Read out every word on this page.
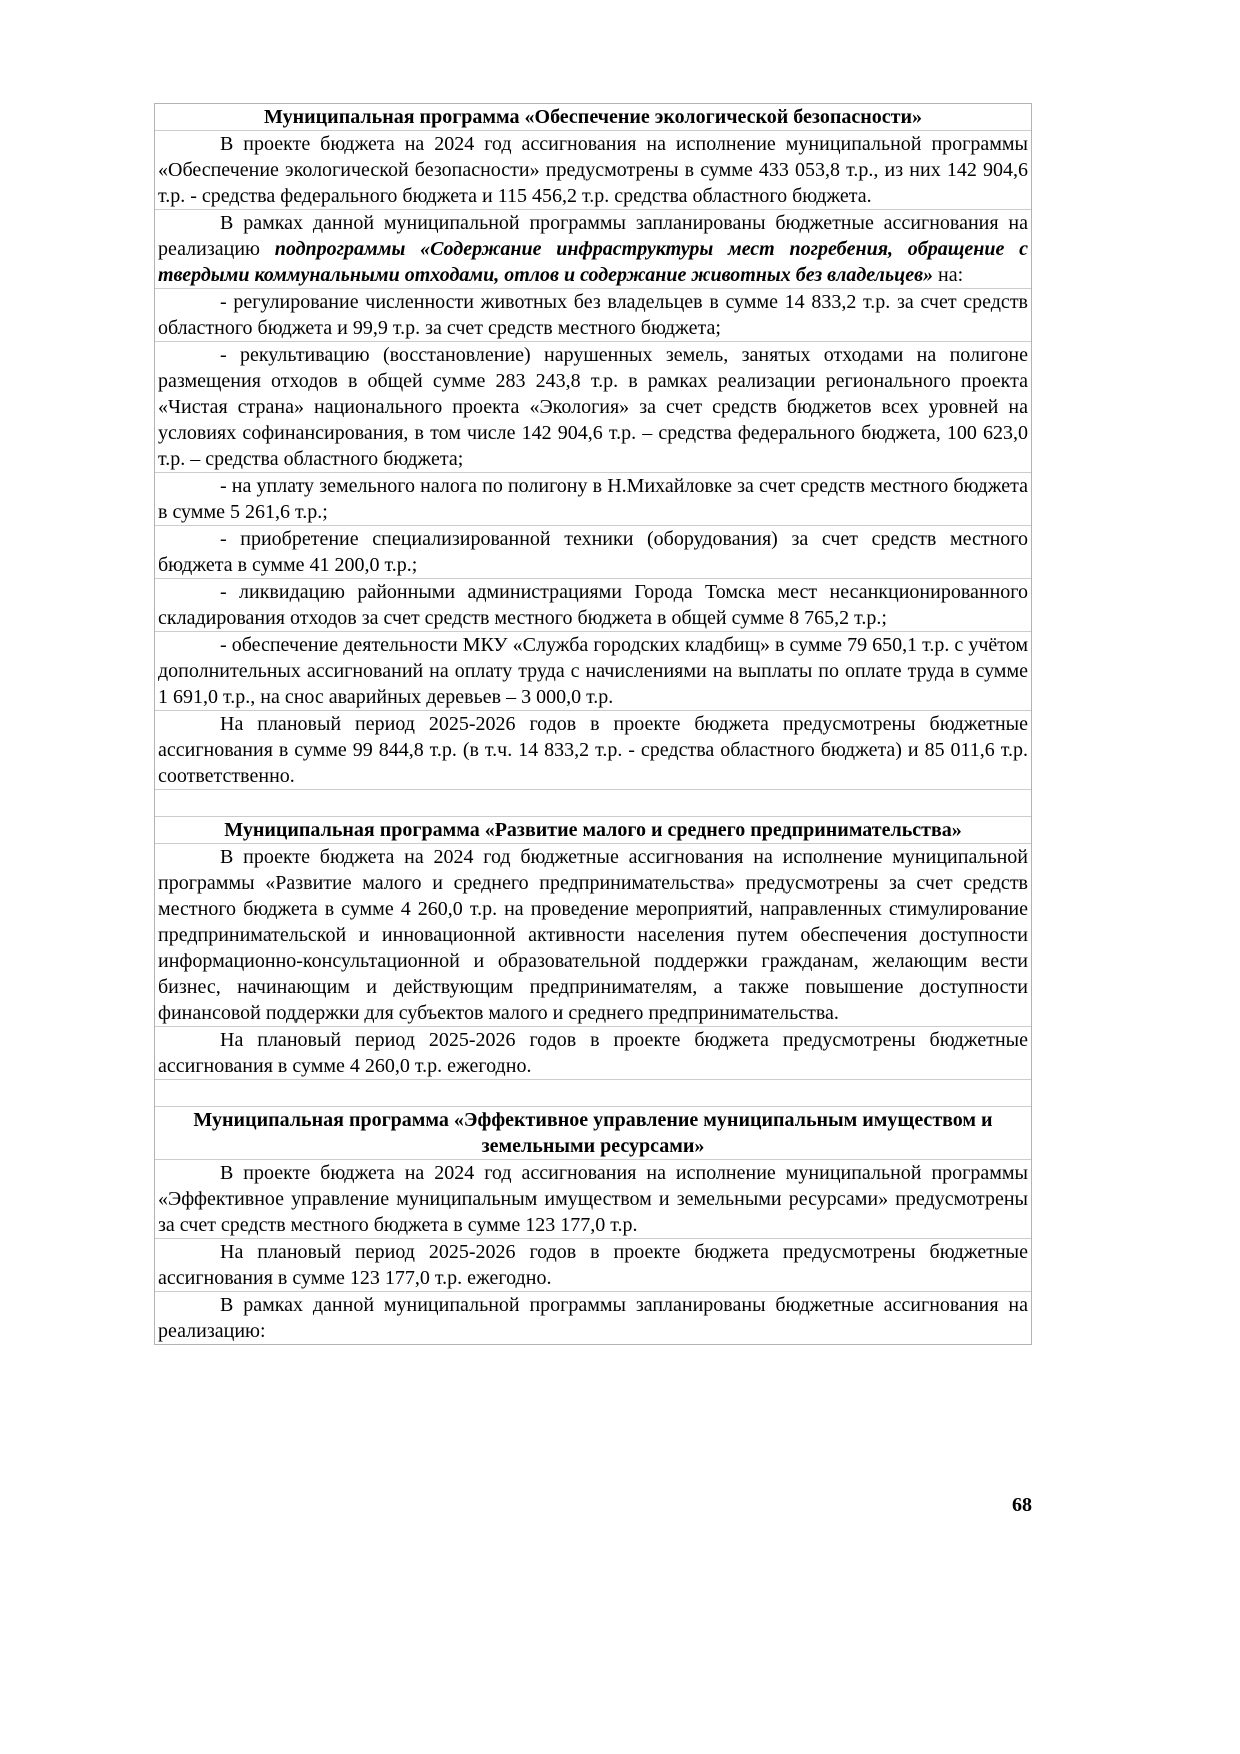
Муниципальная программа «Обеспечение экологической безопасности»
В проекте бюджета на 2024 год ассигнования на исполнение муниципальной программы «Обеспечение экологической безопасности» предусмотрены в сумме 433 053,8 т.р., из них 142 904,6 т.р. - средства федерального бюджета и 115 456,2 т.р. средства областного бюджета.
В рамках данной муниципальной программы запланированы бюджетные ассигнования на реализацию подпрограммы «Содержание инфраструктуры мест погребения, обращение с твердыми коммунальными отходами, отлов и содержание животных без владельцев» на:
- регулирование численности животных без владельцев в сумме 14 833,2 т.р. за счет средств областного бюджета и 99,9 т.р. за счет средств местного бюджета;
- рекультивацию (восстановление) нарушенных земель, занятых отходами на полигоне размещения отходов в общей сумме 283 243,8 т.р. в рамках реализации регионального проекта «Чистая страна» национального проекта «Экология» за счет средств бюджетов всех уровней на условиях софинансирования, в том числе 142 904,6 т.р. – средства федерального бюджета, 100 623,0 т.р. – средства областного бюджета;
- на уплату земельного налога по полигону в Н.Михайловке за счет средств местного бюджета в сумме 5 261,6 т.р.;
- приобретение специализированной техники (оборудования) за счет средств местного бюджета в сумме 41 200,0 т.р.;
- ликвидацию районными администрациями Города Томска мест несанкционированного складирования отходов за счет средств местного бюджета в общей сумме 8 765,2 т.р.;
- обеспечение деятельности МКУ «Служба городских кладбищ» в сумме 79 650,1 т.р. с учётом дополнительных ассигнований на оплату труда с начислениями на выплаты по оплате труда в сумме 1 691,0 т.р., на снос аварийных деревьев – 3 000,0 т.р.
На плановый период 2025-2026 годов в проекте бюджета предусмотрены бюджетные ассигнования в сумме 99 844,8 т.р. (в т.ч. 14 833,2 т.р. - средства областного бюджета) и 85 011,6 т.р. соответственно.
Муниципальная программа «Развитие малого и среднего предпринимательства»
В проекте бюджета на 2024 год бюджетные ассигнования на исполнение муниципальной программы «Развитие малого и среднего предпринимательства» предусмотрены за счет средств местного бюджета в сумме 4 260,0 т.р. на проведение мероприятий, направленных стимулирование предпринимательской и инновационной активности населения путем обеспечения доступности информационно-консультационной и образовательной поддержки гражданам, желающим вести бизнес, начинающим и действующим предпринимателям, а также повышение доступности финансовой поддержки для субъектов малого и среднего предпринимательства.
На плановый период 2025-2026 годов в проекте бюджета предусмотрены бюджетные ассигнования в сумме 4 260,0 т.р. ежегодно.
Муниципальная программа «Эффективное управление муниципальным имуществом и земельными ресурсами»
В проекте бюджета на 2024 год ассигнования на исполнение муниципальной программы «Эффективное управление муниципальным имуществом и земельными ресурсами» предусмотрены за счет средств местного бюджета в сумме 123 177,0 т.р.
На плановый период 2025-2026 годов в проекте бюджета предусмотрены бюджетные ассигнования в сумме 123 177,0 т.р. ежегодно.
В рамках данной муниципальной программы запланированы бюджетные ассигнования на реализацию:
68
